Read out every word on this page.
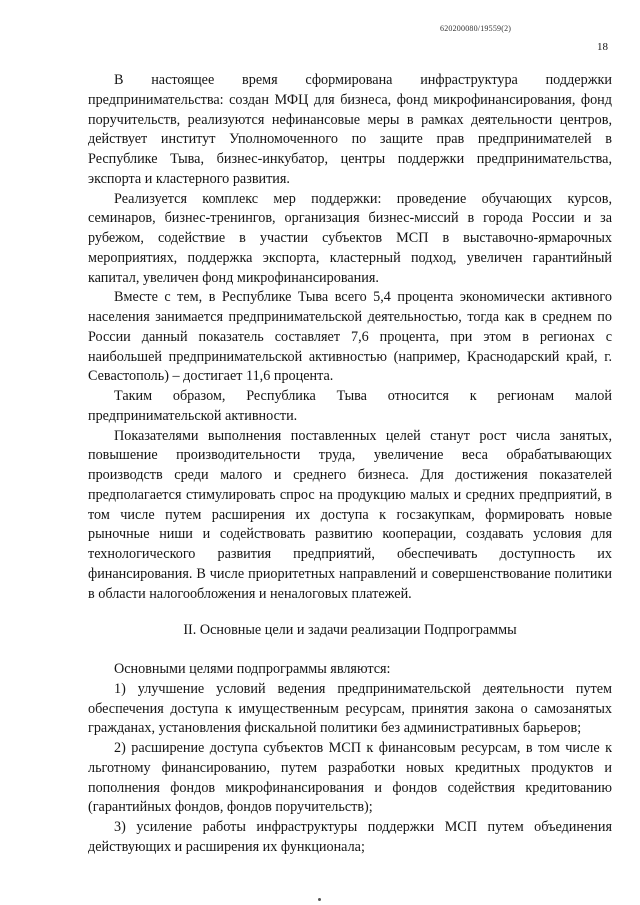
620200080/19559(2)
18

В настоящее время сформирована инфраструктура поддержки предпринимательства: создан МФЦ для бизнеса, фонд микрофинансирования, фонд поручительств, реализуются нефинансовые меры в рамках деятельности центров, действует институт Уполномоченного по защите прав предпринимателей в Республике Тыва, бизнес-инкубатор, центры поддержки предпринимательства, экспорта и кластерного развития.

Реализуется комплекс мер поддержки: проведение обучающих курсов, семинаров, бизнес-тренингов, организация бизнес-миссий в города России и за рубежом, содействие в участии субъектов МСП в выставочно-ярмарочных мероприятиях, поддержка экспорта, кластерный подход, увеличен гарантийный капитал, увеличен фонд микрофинансирования.

Вместе с тем, в Республике Тыва всего 5,4 процента экономически активного населения занимается предпринимательской деятельностью, тогда как в среднем по России данный показатель составляет 7,6 процента, при этом в регионах с наибольшей предпринимательской активностью (например, Краснодарский край, г. Севастополь) – достигает 11,6 процента.

Таким образом, Республика Тыва относится к регионам малой предпринимательской активности.

Показателями выполнения поставленных целей станут рост числа занятых, повышение производительности труда, увеличение веса обрабатывающих производств среди малого и среднего бизнеса. Для достижения показателей предполагается стимулировать спрос на продукцию малых и средних предприятий, в том числе путем расширения их доступа к госзакупкам, формировать новые рыночные ниши и содействовать развитию кооперации, создавать условия для технологического развития предприятий, обеспечивать доступность их финансирования. В числе приоритетных направлений и совершенствование политики в области налогообложения и неналоговых платежей.

II. Основные цели и задачи реализации Подпрограммы

Основными целями подпрограммы являются:

1) улучшение условий ведения предпринимательской деятельности путем обеспечения доступа к имущественным ресурсам, принятия закона о самозанятых гражданах, установления фискальной политики без административных барьеров;

2) расширение доступа субъектов МСП к финансовым ресурсам, в том числе к льготному финансированию, путем разработки новых кредитных продуктов и пополнения фондов микрофинансирования и фондов содействия кредитованию (гарантийных фондов, фондов поручительств);

3) усиление работы инфраструктуры поддержки МСП путем объединения действующих и расширения их функционала;
